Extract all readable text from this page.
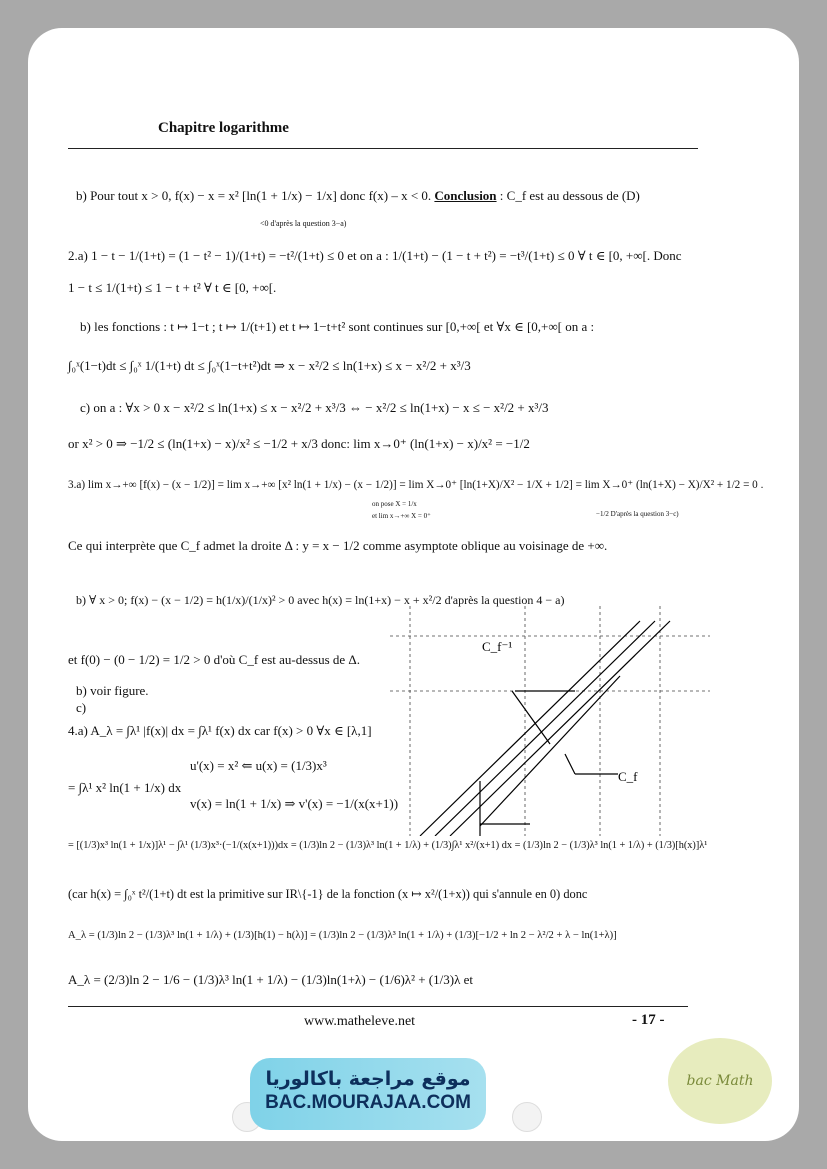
Chapitre logarithme
b) Pour tout x > 0, f(x) − x = x² [ln(1 + 1/x) − 1/x] donc f(x) – x < 0. Conclusion : C_f est au dessous de (D)
<0 d'après la question 3−a)
2.a) 1 − t − 1/(1+t) = (1 − t² − 1)/(1+t) = −t²/(1+t) ≤ 0 et on a : 1/(1+t) − (1 − t + t²) = −t³/(1+t) ≤ 0 ∀ t ∈ [0, +∞[. Donc
1 − t ≤ 1/(1+t) ≤ 1 − t + t² ∀ t ∈ [0, +∞[.
b) les fonctions : t ↦ 1−t ; t ↦ 1/(t+1) et t ↦ 1−t+t² sont continues sur [0,+∞[ et ∀x ∈ [0,+∞[ on a :
∫₀ˣ(1−t)dt ≤ ∫₀ˣ 1/(1+t) dt ≤ ∫₀ˣ(1−t+t²)dt ⇒ x − x²/2 ≤ ln(1+x) ≤ x − x²/2 + x³/3
c) on a : ∀x > 0 x − x²/2 ≤ ln(1+x) ≤ x − x²/2 + x³/3 ⇔ − x²/2 ≤ ln(1+x) − x ≤ − x²/2 + x³/3
or x² > 0 ⇒ −1/2 ≤ (ln(1+x) − x)/x² ≤ −1/2 + x/3 donc: lim x→0⁺ (ln(1+x) − x)/x² = −1/2
3.a) lim x→+∞ [f(x) − (x − 1/2)] = lim x→+∞ [x² ln(1 + 1/x) − (x − 1/2)] = lim X→0⁺ [ln(1+X)/X² − 1/X + 1/2] = lim X→0⁺ (ln(1+X) − X)/X² + 1/2 = 0 .
on pose X = 1/x
et lim x→+∞ X = 0⁺	−1/2 D'après la question 3−c)
Ce qui interprète que C_f admet la droite Δ : y = x − 1/2 comme asymptote oblique au voisinage de +∞.
b) ∀ x > 0; f(x) − (x − 1/2) = h(1/x)/(1/x)² > 0 avec h(x) = ln(1+x) − x + x²/2 d'après la question 4 − a)
et f(0) − (0 − 1/2) = 1/2 > 0 d'où C_f est au-dessus de Δ.
b) voir figure.
c)
4.a) A_λ = ∫λ¹ |f(x)| dx = ∫λ¹ f(x) dx car f(x) > 0 ∀x ∈ [λ,1]
u'(x) = x² ⇐ u(x) = (1/3)x³
= ∫λ¹ x² ln(1 + 1/x) dx
v(x) = ln(1 + 1/x) ⇒ v'(x) = −1/(x(x+1))
= [(1/3)x³ ln(1 + 1/x)]λ¹ − ∫λ¹ (1/3)x³·(−1/(x(x+1)))dx = (1/3)ln 2 − (1/3)λ³ ln(1 + 1/λ) + (1/3)∫λ¹ x²/(x+1) dx = (1/3)ln 2 − (1/3)λ³ ln(1 + 1/λ) + (1/3)[h(x)]λ¹
(car h(x) = ∫₀ˣ t²/(1+t) dt est la primitive sur IR\{-1} de la fonction (x ↦ x²/(1+x)) qui s'annule en 0) donc
A_λ = (1/3)ln 2 − (1/3)λ³ ln(1 + 1/λ) + (1/3)[h(1) − h(λ)] = (1/3)ln 2 − (1/3)λ³ ln(1 + 1/λ) + (1/3)[−1/2 + ln 2 − λ²/2 + λ − ln(1+λ)]
A_λ = (2/3)ln 2 − 1/6 − (1/3)λ³ ln(1 + 1/λ) − (1/3)ln(1+λ) − (1/6)λ² + (1/3)λ et
C_f⁻¹
C_f
www.matheleve.net	- 17 -
موقع مراجعة باكالوريا
BAC.MOURAJAA.COM
bac Math
